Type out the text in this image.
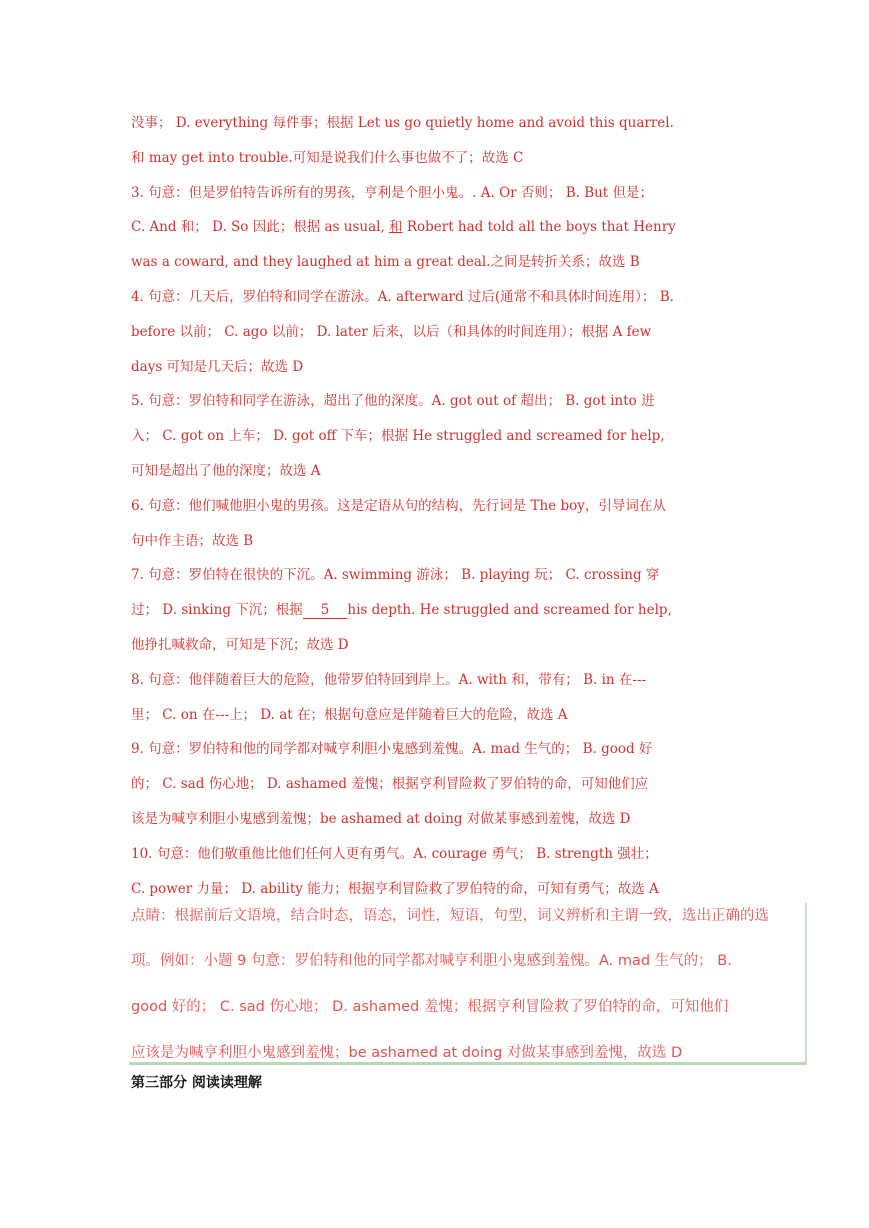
没事； D. everything 每件事；根据 Let us go quietly home and avoid this quarrel.
和 may get into trouble.可知是说我们什么事也做不了；故选 C
3. 句意：但是罗伯特告诉所有的男孩，亨利是个胆小鬼。. A. Or 否则； B. But 但是；
C. And 和； D. So 因此；根据 as usual, 和 Robert had told all the boys that Henry
was a coward, and they laughed at him a great deal.之间是转折关系；故选 B
4. 句意：几天后，罗伯特和同学在游泳。A. afterward 过后(通常不和具体时间连用）； B.
before 以前； C. ago 以前； D. later 后来，以后（和具体的时间连用）；根据 A few
days 可知是几天后；故选 D
5. 句意：罗伯特和同学在游泳，超出了他的深度。A. got out of 超出； B. got into 进
入； C. got on 上车； D. got off 下车；根据 He struggled and screamed for help,
可知是超出了他的深度；故选 A
6. 句意：他们喊他胆小鬼的男孩。这是定语从句的结构，先行词是 The boy，引导词在从
句中作主语；故选 B
7. 句意：罗伯特在很快的下沉。A. swimming 游泳； B. playing 玩； C. crossing 穿
过； D. sinking 下沉；根据 5 his depth. He struggled and screamed for help,
他挣扎喊救命，可知是下沉；故选 D
8. 句意：他伴随着巨大的危险，他带罗伯特回到岸上。A. with 和，带有； B. in 在---
里； C. on 在---上； D. at 在；根据句意应是伴随着巨大的危险，故选 A
9. 句意：罗伯特和他的同学都对喊亨利胆小鬼感到羞愧。A. mad 生气的； B. good 好
的； C. sad 伤心地； D. ashamed 羞愧；根据亨利冒险救了罗伯特的命，可知他们应
该是为喊亨利胆小鬼感到羞愧；be ashamed at doing 对做某事感到羞愧，故选 D
10. 句意：他们敬重他比他们任何人更有勇气。A. courage 勇气； B. strength 强壮；
C. power 力量； D. ability 能力；根据亨利冒险救了罗伯特的命，可知有勇气；故选 A
点睛：根据前后文语境，结合时态，语态，词性，短语，句型，词义辨析和主谓一致，选出正确的选
项。例如：小题 9 句意：罗伯特和他的同学都对喊亨利胆小鬼感到羞愧。A. mad 生气的； B.
good 好的； C. sad 伤心地； D. ashamed 羞愧；根据亨利冒险救了罗伯特的命，可知他们
应该是为喊亨利胆小鬼感到羞愧；be ashamed at doing 对做某事感到羞愧，故选 D
第三部分 阅读读理解
